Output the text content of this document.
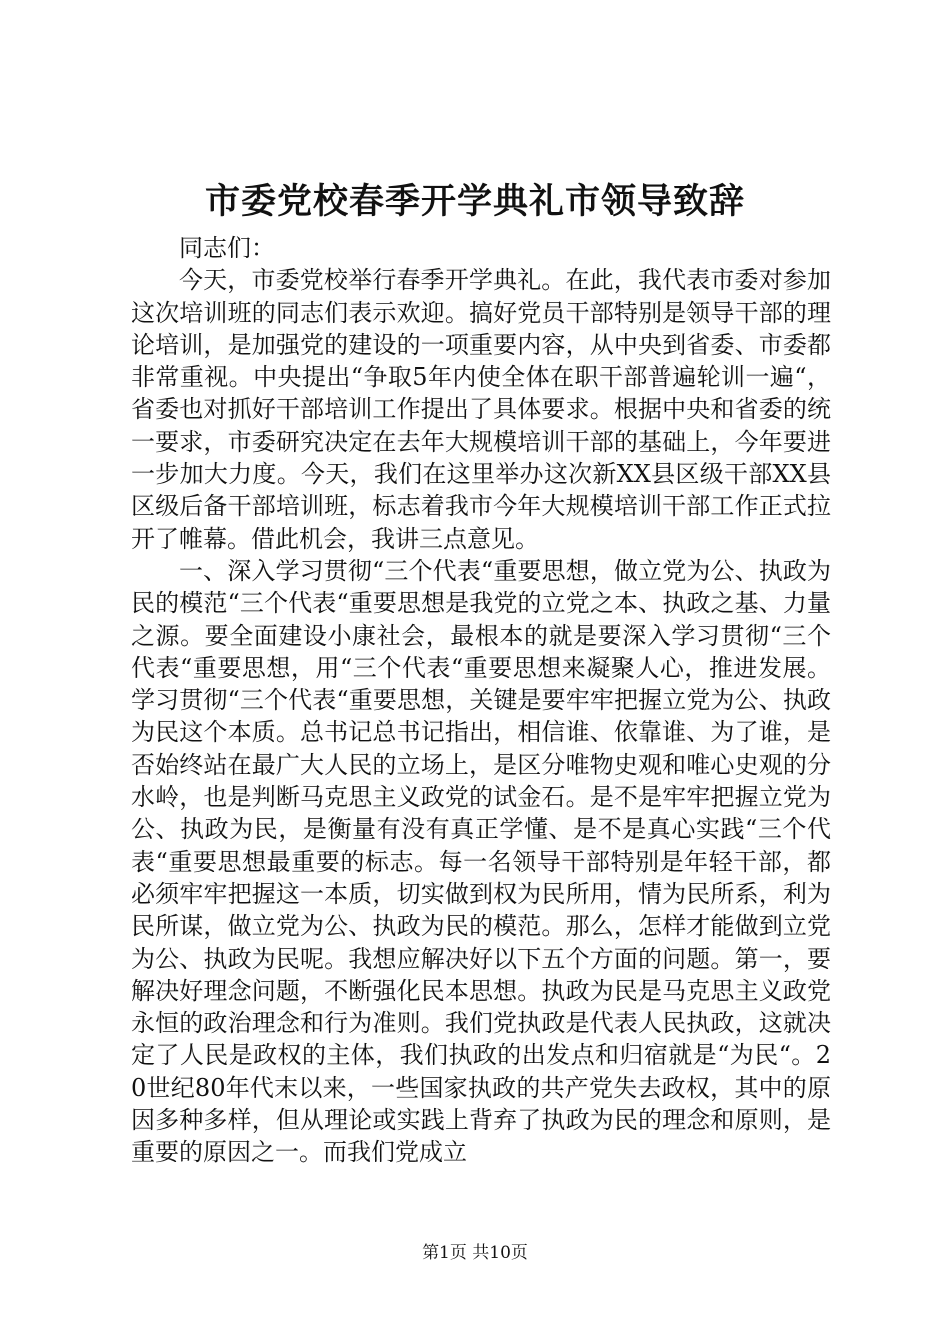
市委党校春季开学典礼市领导致辞

同志们：

今天，市委党校举行春季开学典礼。在此，我代表市委对参加这次培训班的同志们表示欢迎。搞好党员干部特别是领导干部的理论培训，是加强党的建设的一项重要内容，从中央到省委、市委都非常重视。中央提出“争取5年内使全体在职干部普遍轮训一遍“，省委也对抓好干部培训工作提出了具体要求。根据中央和省委的统一要求，市委研究决定在去年大规模培训干部的基础上，今年要进一步加大力度。今天，我们在这里举办这次新XX县区级干部XX县区级后备干部培训班，标志着我市今年大规模培训干部工作正式拉开了帷幕。借此机会，我讲三点意见。

一、深入学习贯彻“三个代表“重要思想，做立党为公、执政为民的模范“三个代表“重要思想是我党的立党之本、执政之基、力量之源。要全面建设小康社会，最根本的就是要深入学习贯彻“三个代表“重要思想，用“三个代表“重要思想来凝聚人心，推进发展。学习贯彻“三个代表“重要思想，关键是要牢牢把握立党为公、执政为民这个本质。总书记总书记指出，相信谁、依靠谁、为了谁，是否始终站在最广大人民的立场上，是区分唯物史观和唯心史观的分水岭，也是判断马克思主义政党的试金石。是不是牢牢把握立党为公、执政为民，是衡量有没有真正学懂、是不是真心实践“三个代表“重要思想最重要的标志。每一名领导干部特别是年轻干部，都必须牢牢把握这一本质，切实做到权为民所用，情为民所系，利为民所谋，做立党为公、执政为民的模范。那么，怎样才能做到立党为公、执政为民呢。我想应解决好以下五个方面的问题。第一，要解决好理念问题，不断强化民本思想。执政为民是马克思主义政党永恒的政治理念和行为准则。我们党执政是代表人民执政，这就决定了人民是政权的主体，我们执政的出发点和归宿就是“为民“。20世纪80年代末以来，一些国家执政的共产党失去政权，其中的原因多种多样，但从理论或实践上背弃了执政为民的理念和原则，是重要的原因之一。而我们党成立

第1页 共10页
